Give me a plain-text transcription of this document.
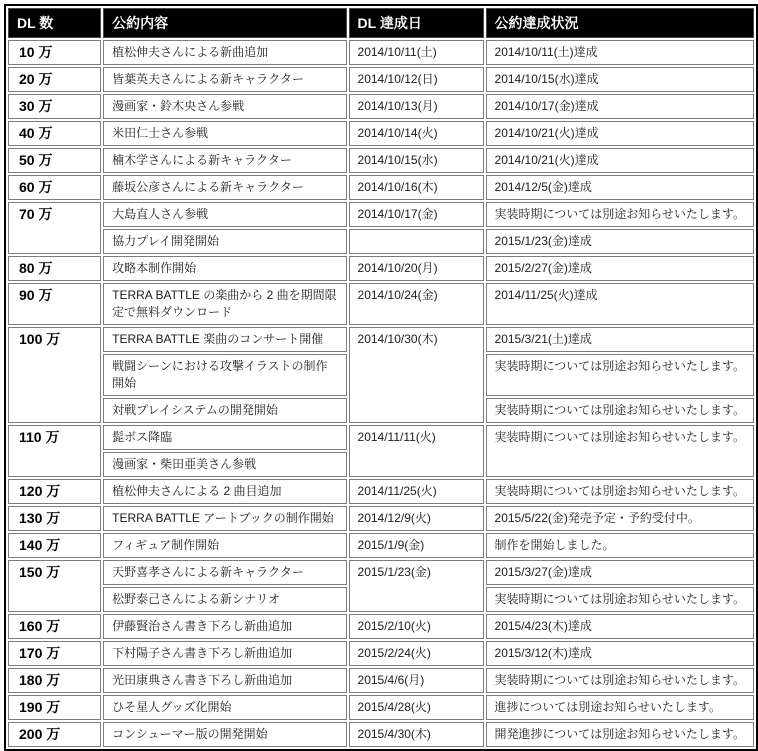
DL 数	公約内容	DL 達成日	公約達成状況
10 万	植松伸夫さんによる新曲追加	2014/10/11(土)	2014/10/11(土)達成
20 万	皆葉英夫さんによる新キャラクター	2014/10/12(日)	2014/10/15(水)達成
30 万	漫画家・鈴木央さん参戦	2014/10/13(月)	2014/10/17(金)達成
40 万	米田仁士さん参戦	2014/10/14(火)	2014/10/21(火)達成
50 万	楠木学さんによる新キャラクター	2014/10/15(水)	2014/10/21(火)達成
60 万	藤坂公彦さんによる新キャラクター	2014/10/16(木)	2014/12/5(金)達成
70 万	大島直人さん参戦	2014/10/17(金)	実装時期については別途お知らせいたします。
	協力プレイ開発開始		2015/1/23(金)達成
80 万	攻略本制作開始	2014/10/20(月)	2015/2/27(金)達成
90 万	TERRA BATTLE の楽曲から 2 曲を期間限定で無料ダウンロード	2014/10/24(金)	2014/11/25(火)達成
100 万	TERRA BATTLE 楽曲のコンサート開催	2014/10/30(木)	2015/3/21(土)達成
	戦闘シーンにおける攻撃イラストの制作開始		実装時期については別途お知らせいたします。
	対戦プレイシステムの開発開始		実装時期については別途お知らせいたします。
110 万	髭ボス降臨	2014/11/11(火)	実装時期については別途お知らせいたします。
	漫画家・柴田亜美さん参戦		
120 万	植松伸夫さんによる 2 曲目追加	2014/11/25(火)	実装時期については別途お知らせいたします。
130 万	TERRA BATTLE アートブックの制作開始	2014/12/9(火)	2015/5/22(金)発売予定・予約受付中。
140 万	フィギュア制作開始	2015/1/9(金)	制作を開始しました。
150 万	天野喜孝さんによる新キャラクター	2015/1/23(金)	2015/3/27(金)達成
	松野泰己さんによる新シナリオ		実装時期については別途お知らせいたします。
160 万	伊藤賢治さん書き下ろし新曲追加	2015/2/10(火)	2015/4/23(木)達成
170 万	下村陽子さん書き下ろし新曲追加	2015/2/24(火)	2015/3/12(木)達成
180 万	光田康典さん書き下ろし新曲追加	2015/4/6(月)	実装時期については別途お知らせいたします。
190 万	ひそ星人グッズ化開始	2015/4/28(火)	進捗については別途お知らせいたします。
200 万	コンシューマー版の開発開始	2015/4/30(木)	開発進捗については別途お知らせいたします。
